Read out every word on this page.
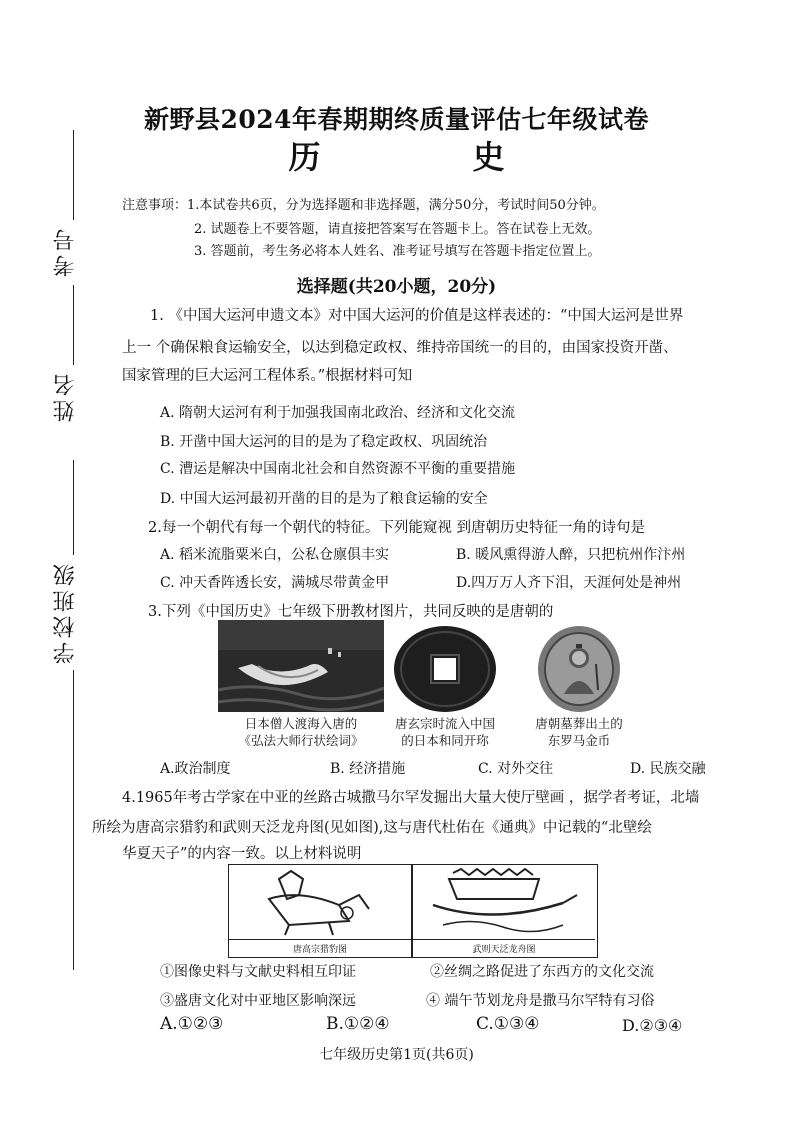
考号
姓名
学校班级
新野县2024年春期期终质量评估七年级试卷
历　史
注意事项：1.本试卷共6页，分为选择题和非选择题，满分50分，考试时间50分钟。
2. 试题卷上不要答题，请直接把答案写在答题卡上。答在试卷上无效。
3. 答题前，考生务必将本人姓名、准考证号填写在答题卡指定位置上。
选择题(共20小题，20分)
1. 《中国大运河申遗文本》对中国大运河的价值是这样表述的：“中国大运河是世界
上一 个确保粮食运输安全，以达到稳定政权、维持帝国统一的目的，由国家投资开凿、
国家管理的巨大运河工程体系。”根据材料可知
A. 隋朝大运河有利于加强我国南北政治、经济和文化交流
B. 开凿中国大运河的目的是为了稳定政权、巩固统治
C. 漕运是解决中国南北社会和自然资源不平衡的重要措施
D. 中国大运河最初开凿的目的是为了粮食运输的安全
2.每一个朝代有每一个朝代的特征。下列能窥视 到唐朝历史特征一角的诗句是
A. 稻米流脂粟米白，公私仓廪俱丰实	B. 暖风熏得游人醉，只把杭州作汴州
C. 冲天香阵透长安，满城尽带黄金甲	D.四万万人齐下泪，天涯何处是神州
3.下列《中国历史》七年级下册教材图片，共同反映的是唐朝的
日本僧人渡海入唐的
《弘法大师行状绘词》
唐玄宗时流入中国
的日本和同开珎
唐朝墓葬出土的
东罗马金币
A.政治制度	B. 经济措施	C. 对外交往	D. 民族交融
4.1965年考古学家在中亚的丝路古城撒马尔罕发掘出大量大使厅壁画 ，据学者考证，北墙
所绘为唐高宗猎豹和武则天泛龙舟图(见如图),这与唐代杜佑在《通典》中记载的“北壁绘
华夏天子”的内容一致。以上材料说明
唐高宗猎豹图	武则天泛龙舟图
①图像史料与文献史料相互印证	②丝绸之路促进了东西方的文化交流
③盛唐文化对中亚地区影响深远	④ 端午节划龙舟是撒马尔罕特有习俗
A.①②③	B.①②④	C.①③④	D.②③④
七年级历史第1页(共6页)
